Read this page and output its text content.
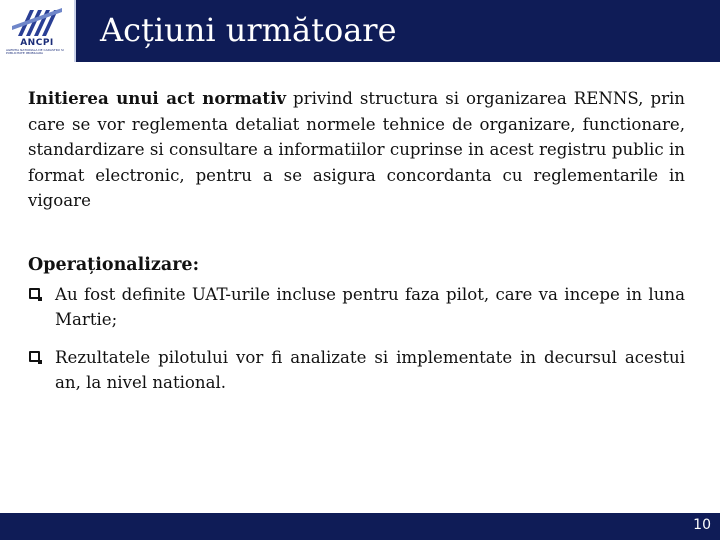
ANCPI
AGENTIA NATIONALA DE CADASTRU SI PUBLICITATE IMOBILIARA
Acțiuni următoare

Initierea unui act normativ privind structura si organizarea RENNS, prin care se vor reglementa detaliat normele tehnice de organizare, functionare, standardizare si consultare a informatiilor cuprinse in acest registru public in format electronic, pentru a se asigura concordanta cu reglementarile in vigoare

Operaționalizare:
Au fost definite UAT-urile incluse pentru faza pilot, care va incepe in luna Martie;
Rezultatele pilotului vor fi analizate si implementate in decursul acestui an, la nivel national.
10
